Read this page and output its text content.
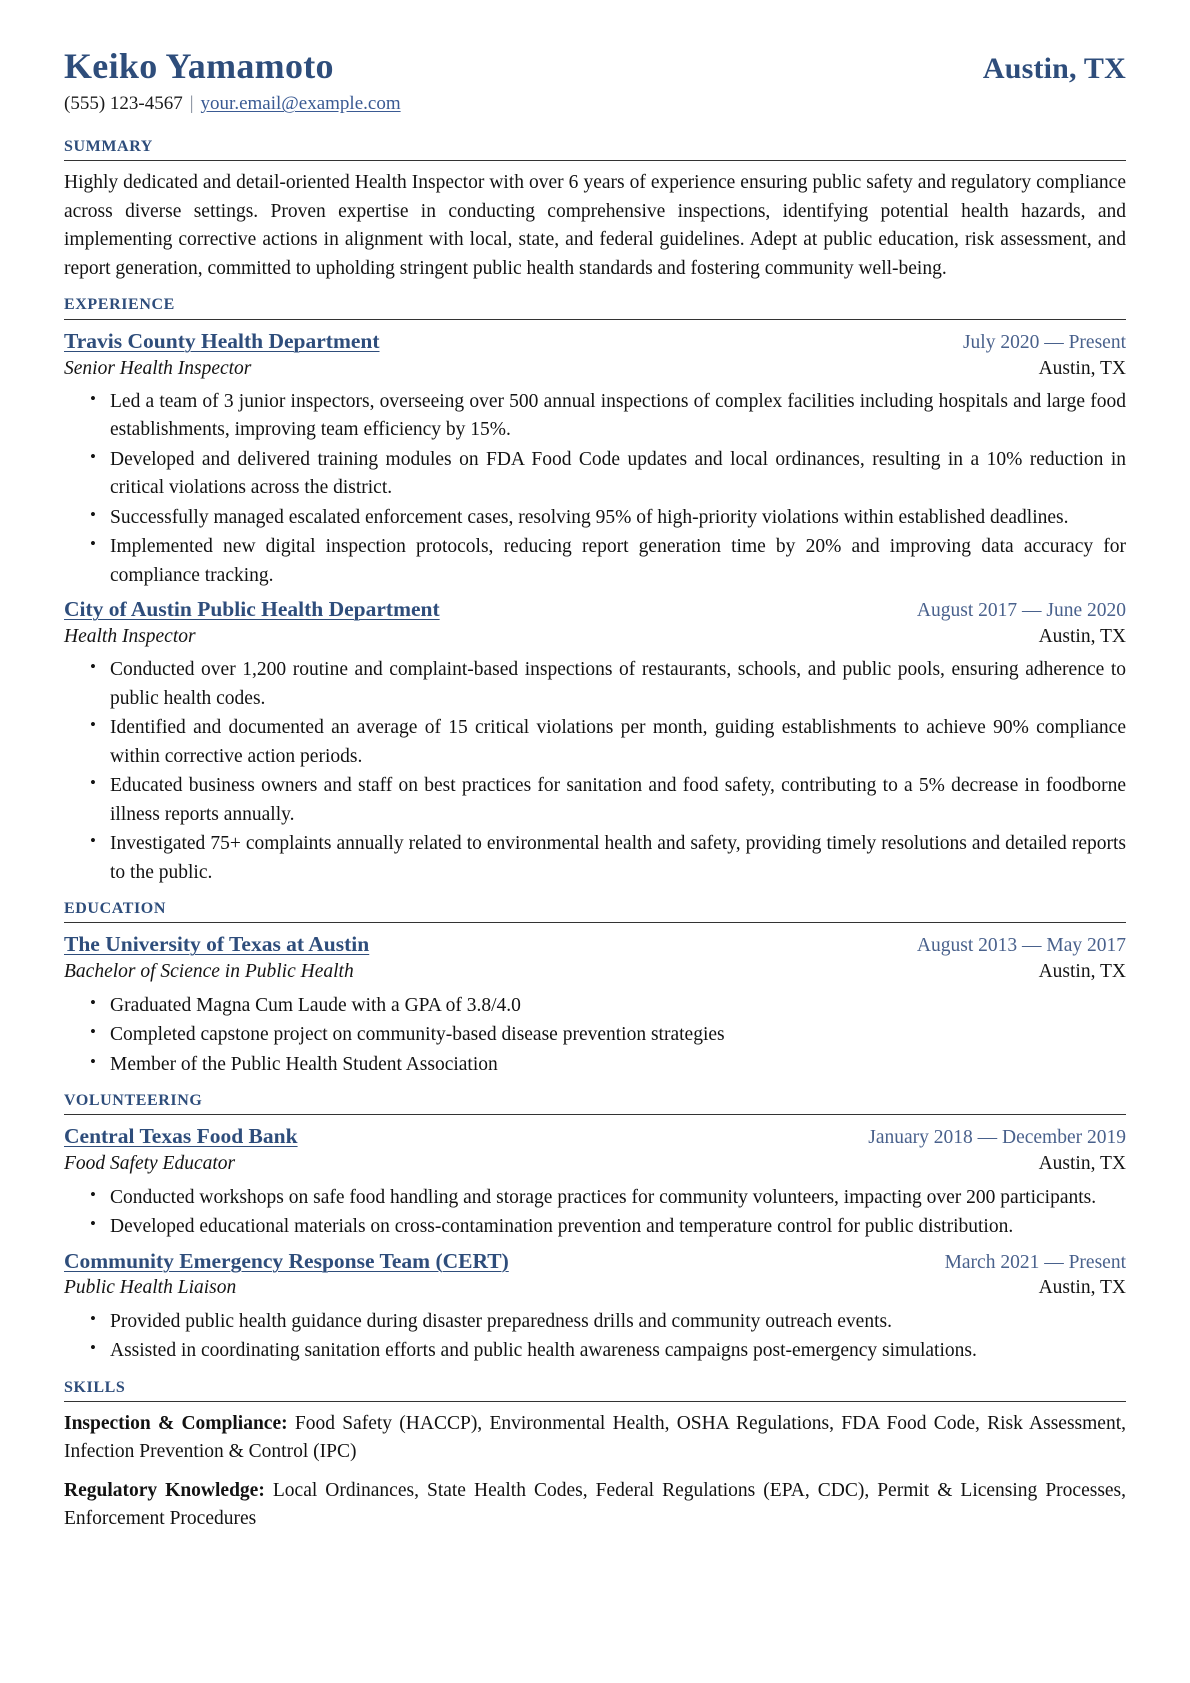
Keiko Yamamoto	Austin, TX
(555) 123-4567 | your.email@example.com
summary

Highly dedicated and detail-oriented Health Inspector with over 6 years of experience ensuring public safety and regulatory compliance across diverse settings. Proven expertise in conducting comprehensive inspections, identifying potential health hazards, and implementing corrective actions in alignment with local, state, and federal guidelines. Adept at public education, risk assessment, and report generation, committed to upholding stringent public health standards and fostering community well-being.

experience
Travis County Health Department	July 2020 — Present
Senior Health Inspector	Austin, TX
• Led a team of 3 junior inspectors, overseeing over 500 annual inspections of complex facilities including hospitals and large food establishments, improving team efficiency by 15%.
• Developed and delivered training modules on FDA Food Code updates and local ordinances, resulting in a 10% reduction in critical violations across the district.
• Successfully managed escalated enforcement cases, resolving 95% of high-priority violations within established deadlines.
• Implemented new digital inspection protocols, reducing report generation time by 20% and improving data accuracy for compliance tracking.
City of Austin Public Health Department	August 2017 — June 2020
Health Inspector	Austin, TX
• Conducted over 1,200 routine and complaint-based inspections of restaurants, schools, and public pools, ensuring adherence to public health codes.
• Identified and documented an average of 15 critical violations per month, guiding establishments to achieve 90% compliance within corrective action periods.
• Educated business owners and staff on best practices for sanitation and food safety, contributing to a 5% decrease in foodborne illness reports annually.
• Investigated 75+ complaints annually related to environmental health and safety, providing timely resolutions and detailed reports to the public.
education
The University of Texas at Austin	August 2013 — May 2017
Bachelor of Science in Public Health	Austin, TX
• Graduated Magna Cum Laude with a GPA of 3.8/4.0
• Completed capstone project on community-based disease prevention strategies
• Member of the Public Health Student Association
volunteering
Central Texas Food Bank	January 2018 — December 2019
Food Safety Educator	Austin, TX
• Conducted workshops on safe food handling and storage practices for community volunteers, impacting over 200 participants.
• Developed educational materials on cross-contamination prevention and temperature control for public distribution.
Community Emergency Response Team (CERT)	March 2021 — Present
Public Health Liaison	Austin, TX
• Provided public health guidance during disaster preparedness drills and community outreach events.
• Assisted in coordinating sanitation efforts and public health awareness campaigns post-emergency simulations.
skills
Inspection & Compliance: Food Safety (HACCP), Environmental Health, OSHA Regulations, FDA Food Code, Risk Assessment, Infection Prevention & Control (IPC)
Regulatory Knowledge: Local Ordinances, State Health Codes, Federal Regulations (EPA, CDC), Permit & Licensing Processes, Enforcement Procedures
